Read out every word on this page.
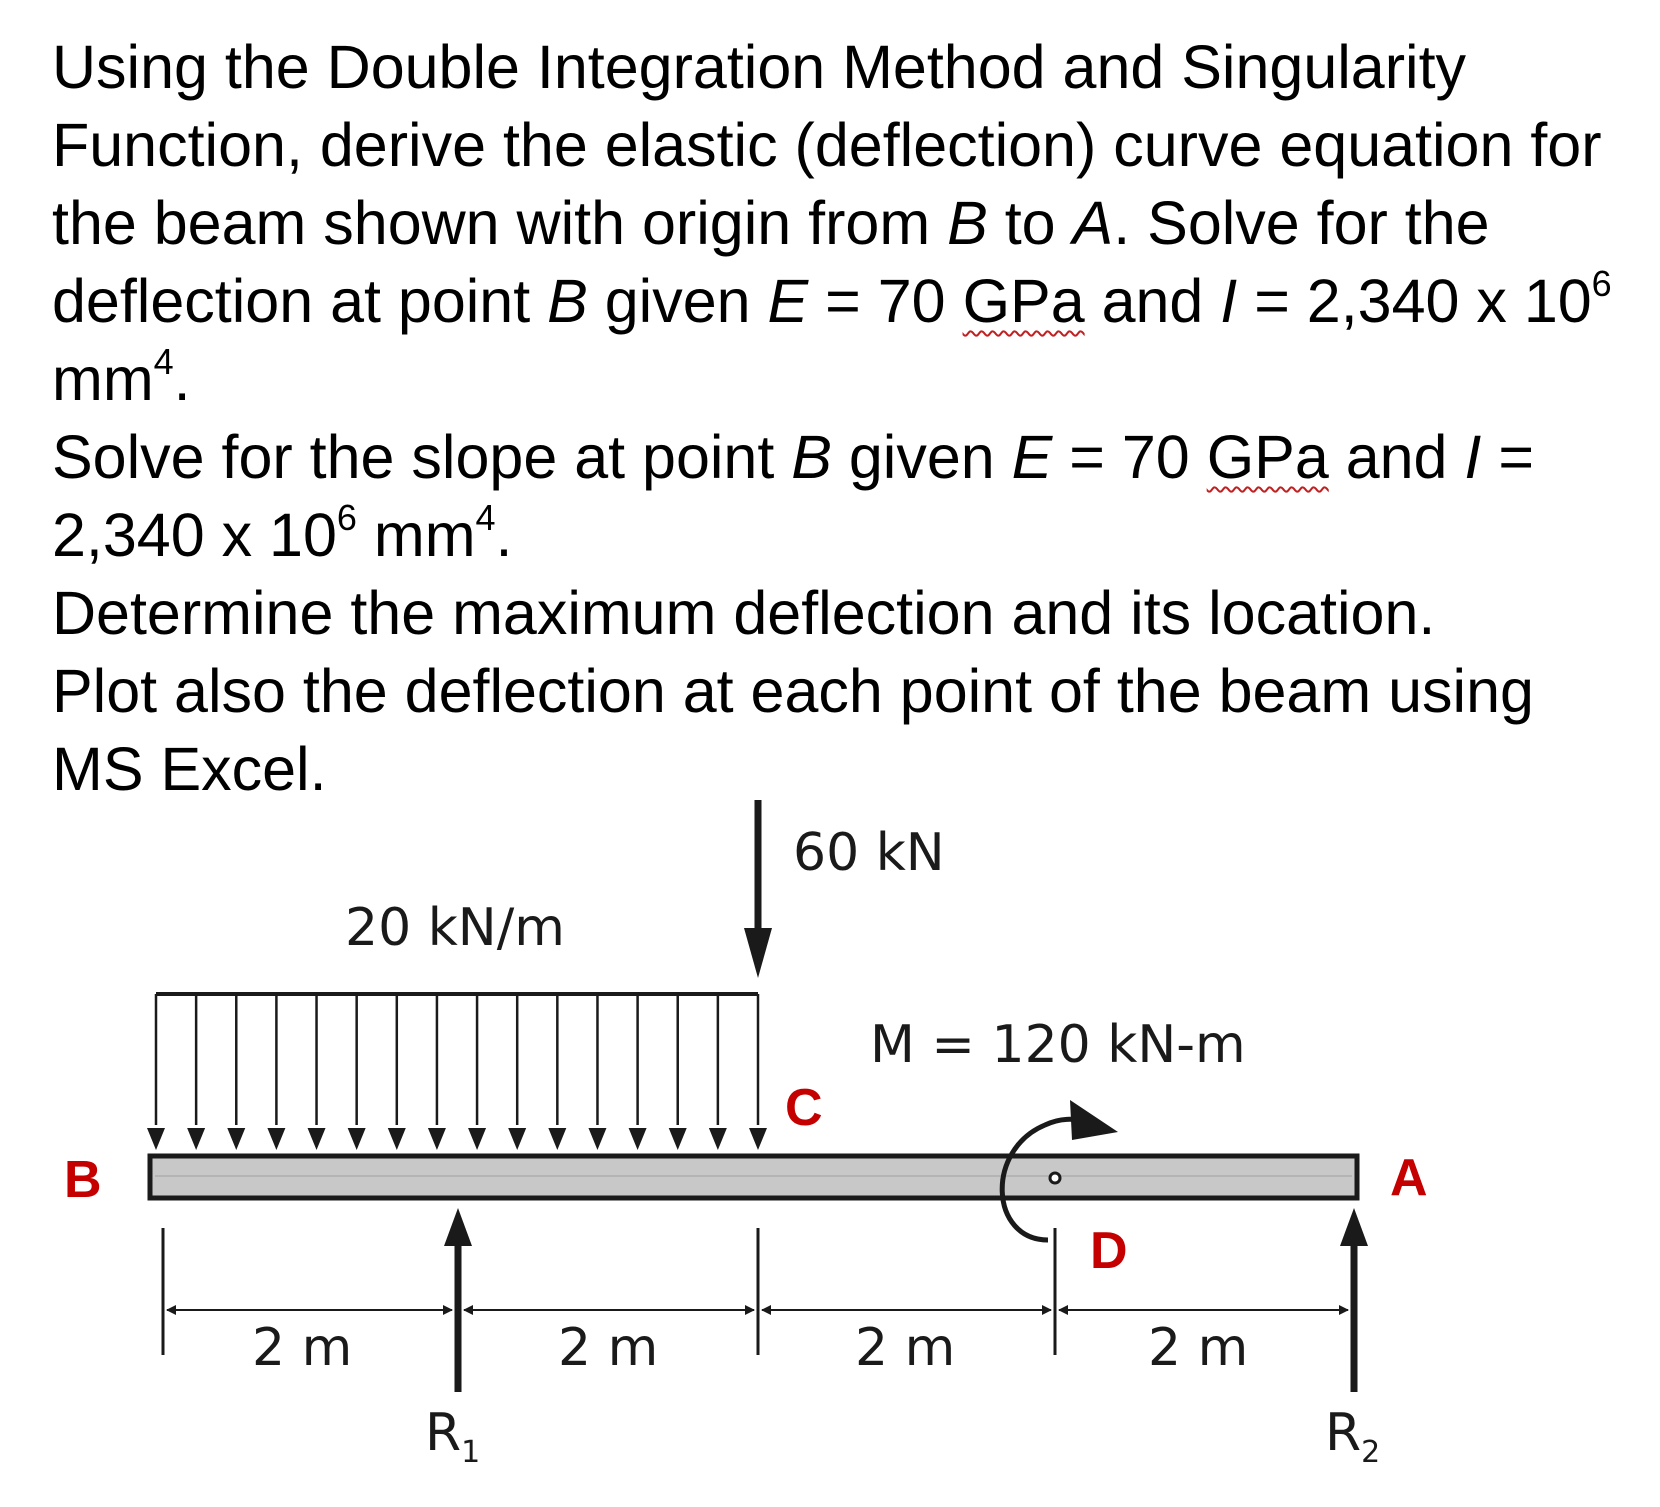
Using the Double Integration Method and Singularity Function, derive the elastic (deflection) curve equation for the beam shown with origin from B to A. Solve for the deflection at point B given E = 70 GPa and I = 2,340 x $10^6$ $mm^4$.

Solve for the slope at point B given E = 70 GPa and I = 2,340 x $10^6$ $mm^4$.

Determine the maximum deflection and its location.

Plot also the deflection at each point of the beam using MS Excel.

60 kN
20 kN/m
M = 120 kN-m
B	A
C
D
2 m	2 m	2 m	2 m
$R_1$	$R_2$
